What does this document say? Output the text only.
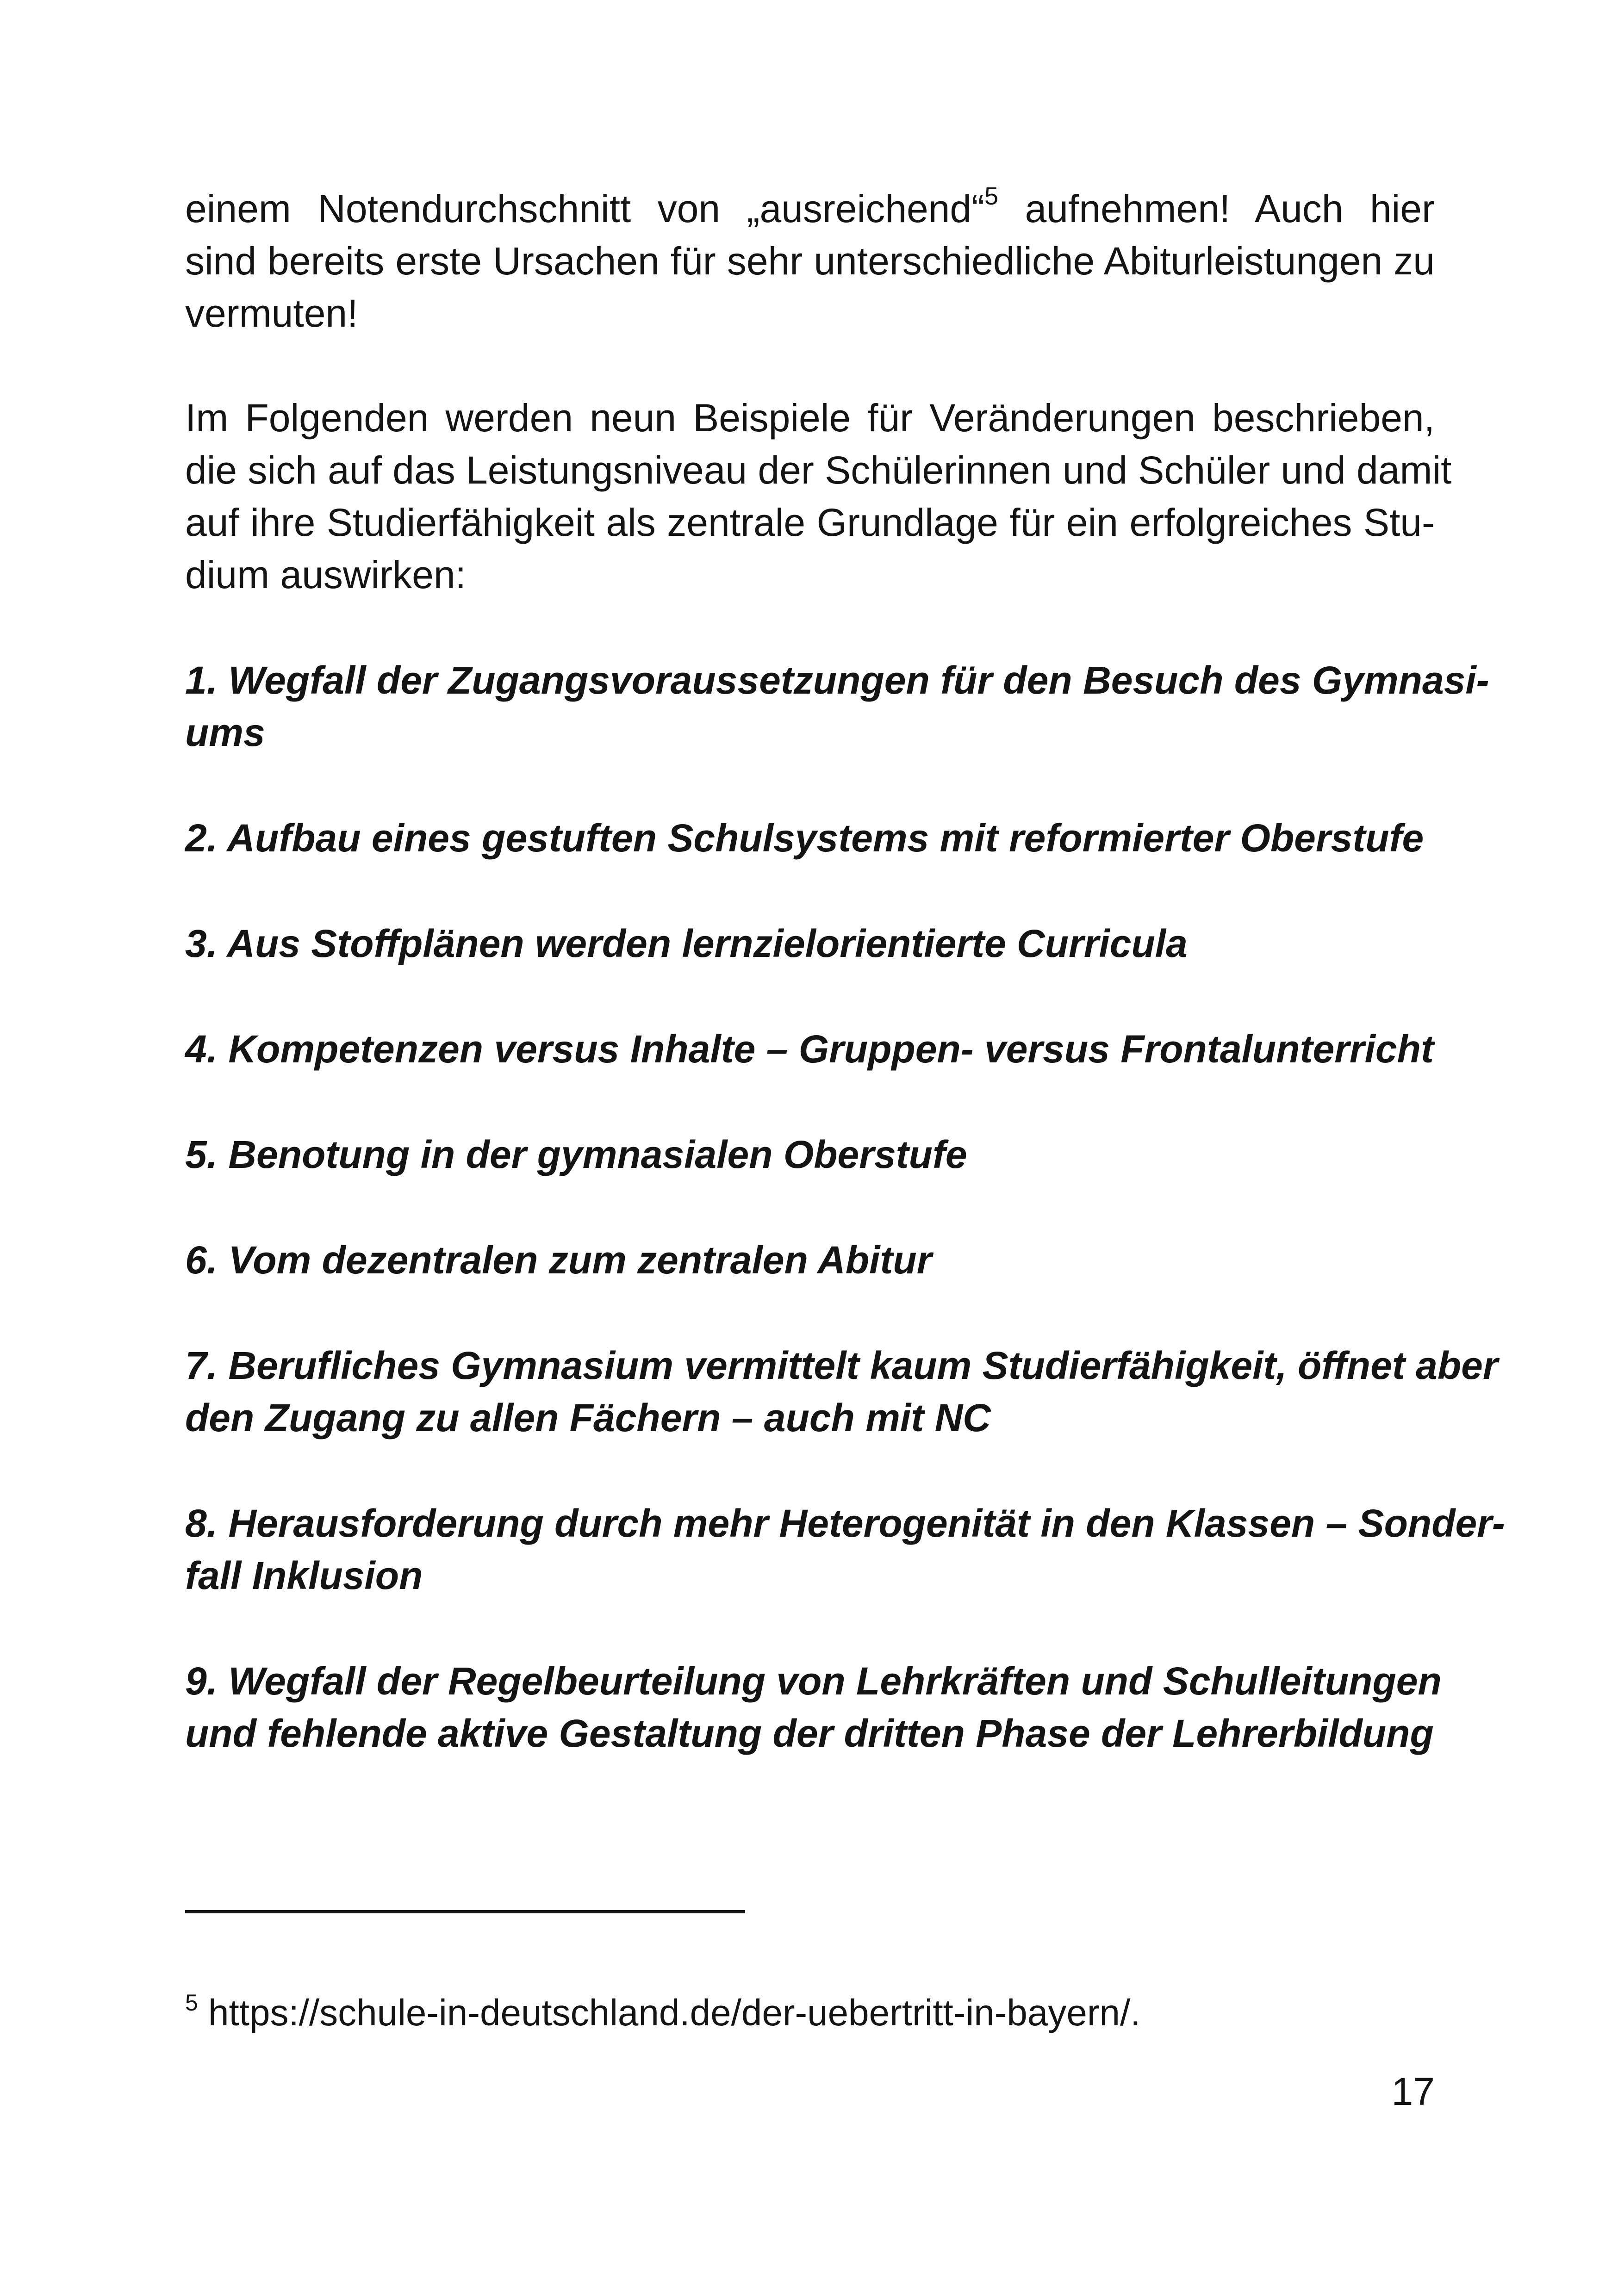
einem Notendurchschnitt von „ausreichend“$^5$ aufnehmen! Auch hier
sind bereits erste Ursachen für sehr unterschiedliche Abiturleistungen zu
vermuten!

Im Folgenden werden neun Beispiele für Veränderungen beschrieben,
die sich auf das Leistungsniveau der Schülerinnen und Schüler und damit
auf ihre Studierfähigkeit als zentrale Grundlage für ein erfolgreiches Stu-
dium auswirken:

1. Wegfall der Zugangsvoraussetzungen für den Besuch des Gymnasi-
ums

2. Aufbau eines gestuften Schulsystems mit reformierter Oberstufe

3. Aus Stoffplänen werden lernzielorientierte Curricula

4. Kompetenzen versus Inhalte – Gruppen- versus Frontalunterricht

5. Benotung in der gymnasialen Oberstufe

6. Vom dezentralen zum zentralen Abitur

7. Berufliches Gymnasium vermittelt kaum Studierfähigkeit, öffnet aber
den Zugang zu allen Fächern – auch mit NC

8. Herausforderung durch mehr Heterogenität in den Klassen – Sonder-
fall Inklusion

9. Wegfall der Regelbeurteilung von Lehrkräften und Schulleitungen
und fehlende aktive Gestaltung der dritten Phase der Lehrerbildung

$^5$ https://schule-in-deutschland.de/der-uebertritt-in-bayern/.
17
